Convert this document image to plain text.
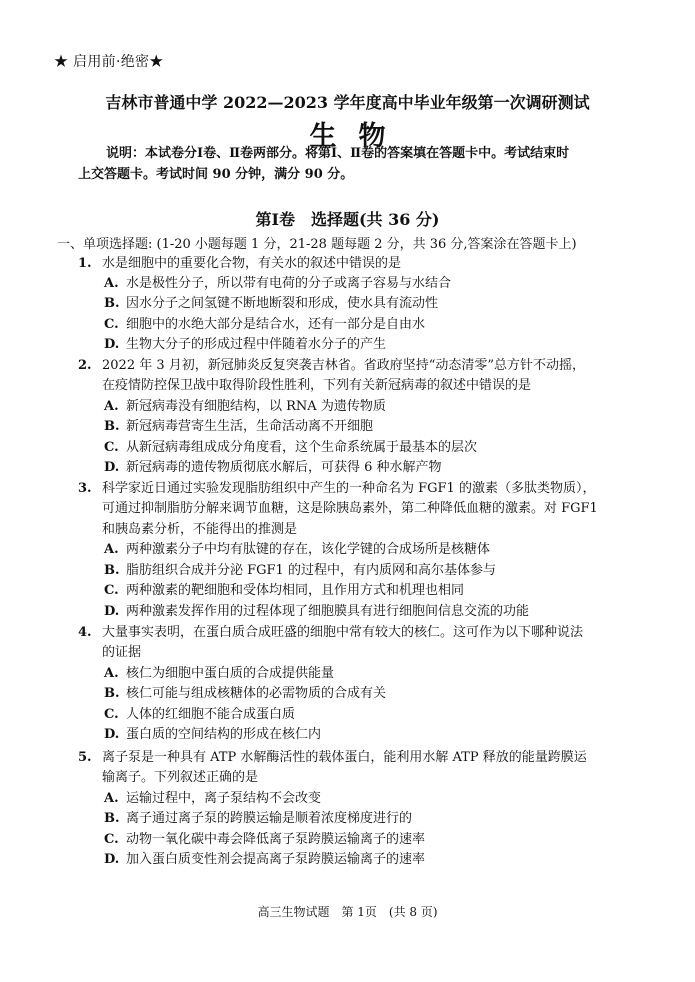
★ 启用前·绝密★
吉林市普通中学 2022—2023 学年度高中毕业年级第一次调研测试
生物
说明：本试卷分Ⅰ卷、Ⅱ卷两部分。将第Ⅰ、Ⅱ卷的答案填在答题卡中。考试结束时
上交答题卡。考试时间 90 分钟，满分 90 分。
第Ⅰ卷　选择题(共 36 分)
一、单项选择题: (1-20 小题每题 1 分，21-28 题每题 2 分，共 36 分,答案涂在答题卡上)
1. 水是细胞中的重要化合物，有关水的叙述中错误的是
A. 水是极性分子，所以带有电荷的分子或离子容易与水结合
B. 因水分子之间氢键不断地断裂和形成，使水具有流动性
C. 细胞中的水绝大部分是结合水，还有一部分是自由水
D. 生物大分子的形成过程中伴随着水分子的产生
2. 2022 年 3 月初，新冠肺炎反复突袭吉林省。省政府坚持“动态清零”总方针不动摇，
在疫情防控保卫战中取得阶段性胜利，下列有关新冠病毒的叙述中错误的是
A. 新冠病毒没有细胞结构，以 RNA 为遗传物质
B. 新冠病毒营寄生生活，生命活动离不开细胞
C. 从新冠病毒组成成分角度看，这个生命系统属于最基本的层次
D. 新冠病毒的遗传物质彻底水解后，可获得 6 种水解产物
3. 科学家近日通过实验发现脂肪组织中产生的一种命名为 FGF1 的激素（多肽类物质），
可通过抑制脂肪分解来调节血糖，这是除胰岛素外，第二种降低血糖的激素。对 FGF1
和胰岛素分析，不能得出的推测是
A. 两种激素分子中均有肽键的存在，该化学键的合成场所是核糖体
B. 脂肪组织合成并分泌 FGF1 的过程中，有内质网和高尔基体参与
C. 两种激素的靶细胞和受体均相同，且作用方式和机理也相同
D. 两种激素发挥作用的过程体现了细胞膜具有进行细胞间信息交流的功能
4. 大量事实表明，在蛋白质合成旺盛的细胞中常有较大的核仁。这可作为以下哪种说法
的证据
A. 核仁为细胞中蛋白质的合成提供能量
B. 核仁可能与组成核糖体的必需物质的合成有关
C. 人体的红细胞不能合成蛋白质
D. 蛋白质的空间结构的形成在核仁内
5. 离子泵是一种具有 ATP 水解酶活性的载体蛋白，能利用水解 ATP 释放的能量跨膜运
输离子。下列叙述正确的是
A. 运输过程中，离子泵结构不会改变
B. 离子通过离子泵的跨膜运输是顺着浓度梯度进行的
C. 动物一氧化碳中毒会降低离子泵跨膜运输离子的速率
D. 加入蛋白质变性剂会提高离子泵跨膜运输离子的速率
高三生物试题　第 1页　(共 8 页)
